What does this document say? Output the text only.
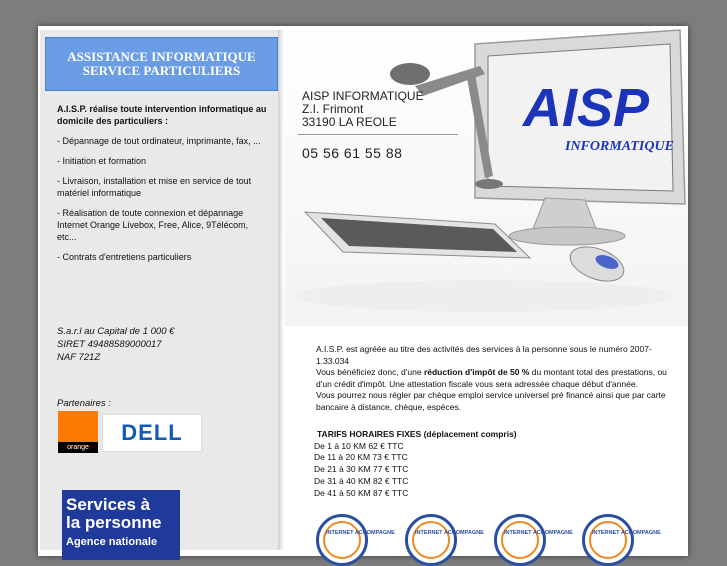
ASSISTANCE INFORMATIQUE
SERVICE PARTICULIERS

A.I.S.P. réalise toute intervention informatique au domicile des particuliers :

- Dépannage de tout ordinateur, imprimante, fax, ...

- Initiation et formation

- Livraison, installation et mise en service de tout matériel informatique

- Réalisation de toute connexion et dépannage Internet Orange Livebox, Free, Alice, 9Télécom, etc...

- Contrats d'entretiens particuliers

S.a.r.l au Capital de 1 000 €
SIRET 49488589000017
NAF 721Z
Partenaires :
orange
DELL
Services à
la personne
Agence nationale
AISP
INFORMATIQUE
AISP INFORMATIQUE
Z.I. Frimont
33190 LA REOLE
05 56 61 55 88

A.I.S.P. est agréée au titre des activités des services à la personne sous le numéro 2007-1.33.034

Vous bénéficiez donc, d'une réduction d'impôt de 50 % du montant total des prestations, ou d'un crédit d'impôt. Une attestation fiscale vous sera adressée chaque début d'année.

Vous pourrez nous régler par chèque emploi service universel pré financé ainsi que par carte bancaire à distance, chèque, espèces.

TARIFS HORAIRES FIXES (déplacement compris)
De 1 à 10 KM 62 € TTC
De 11 à 20 KM 73 € TTC
De 21 à 30 KM 77 € TTC
De 31 à 40 KM 82 € TTC
De 41 à 50 KM 87 € TTC
INTERNET ACCOMPAGNE	INTERNET ACCOMPAGNE	INTERNET ACCOMPAGNE	INTERNET ACCOMPAGNE
